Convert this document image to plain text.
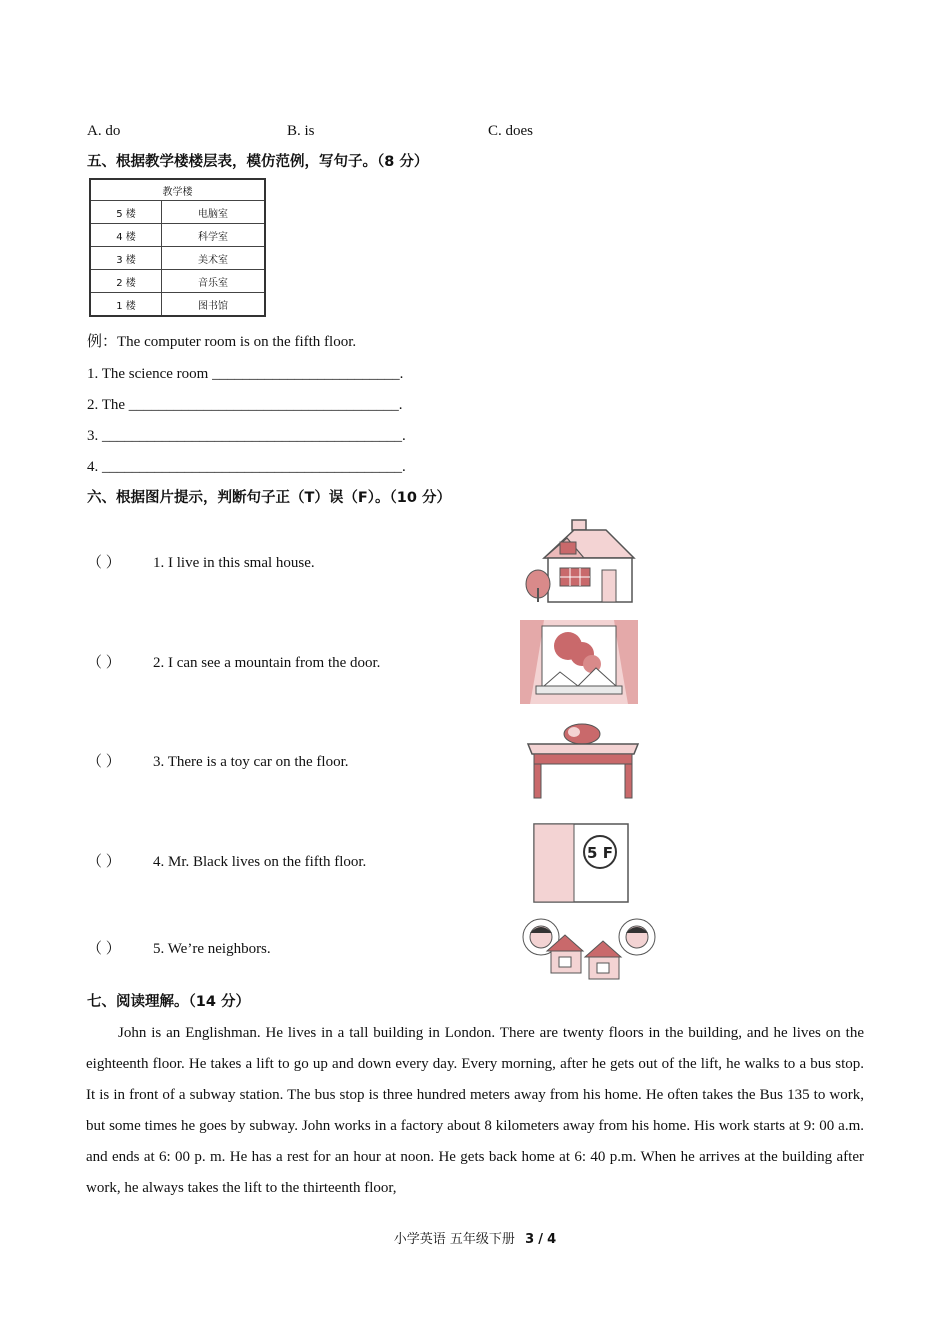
A. do	B. is	C. does
五、根据教学楼楼层表，模仿范例，写句子。（8 分）
教学楼	
5 楼	电脑室
4 楼	科学室
3 楼	美术室
2 楼	音乐室
1 楼	图书馆
例：The computer room is on the fifth floor.
1. The science room _________________________.
2. The ____________________________________.
3. ________________________________________.
4. ________________________________________.
六、根据图片提示，判断句子正（T）误（F）。（10 分）
（ ） 1. I live in this smal house.
（ ） 2. I can see a mountain from the door.
（ ） 3. There is a toy car on the floor.
（ ） 4. Mr. Black lives on the fifth floor.
（ ） 5. We’re neighbors.
5 F
七、阅读理解。（14 分）
John is an Englishman. He lives in a tall building in London. There are twenty floors in the building, and he lives on the eighteenth floor. He takes a lift to go up and down every day. Every morning, after he gets out of the lift, he walks to a bus stop. It is in front of a subway station. The bus stop is three hundred meters away from his home. He often takes the Bus 135 to work, but some times he goes by subway. John works in a factory about 8 kilometers away from his home. His work starts at 9: 00 a.m. and ends at 6: 00 p. m. He has a rest for an hour at noon. He gets back home at 6: 40 p.m. When he arrives at the building after work, he always takes the lift to the thirteenth floor,
小学英语 五年级下册 3 / 4
